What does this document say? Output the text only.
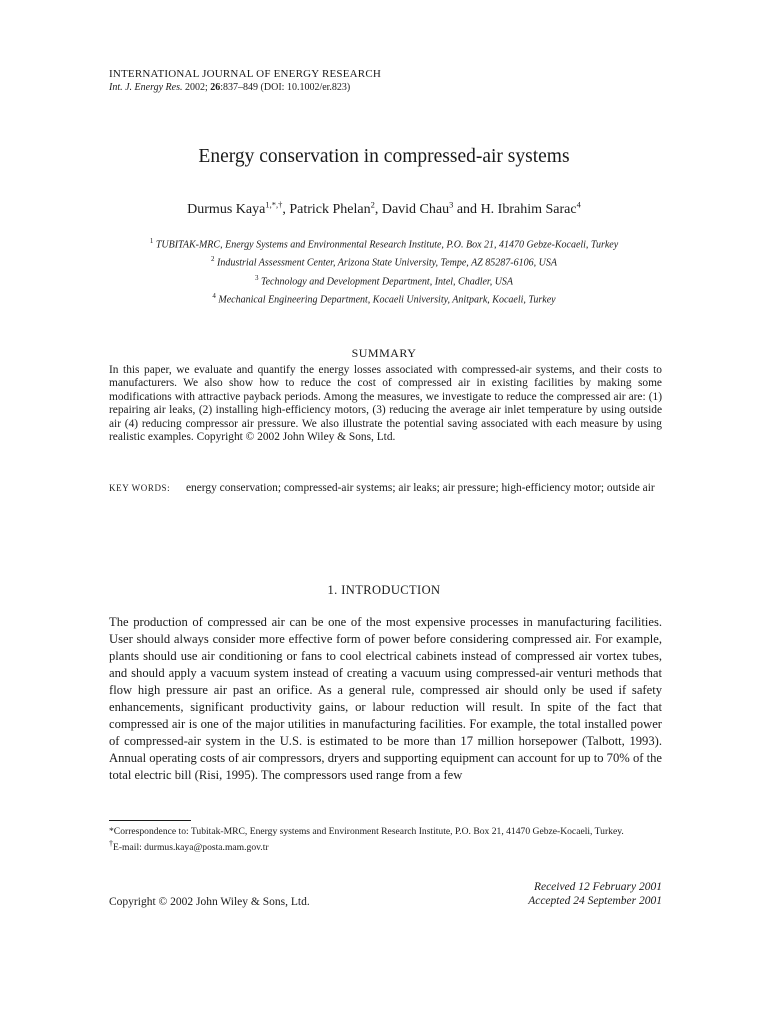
INTERNATIONAL JOURNAL OF ENERGY RESEARCH
Int. J. Energy Res. 2002; 26:837–849 (DOI: 10.1002/er.823)
Energy conservation in compressed-air systems
Durmus Kaya$^{1,*,\dagger}$, Patrick Phelan$^2$, David Chau$^3$ and H. Ibrahim Sarac$^4$
$^1$ TUBITAK-MRC, Energy Systems and Environmental Research Institute, P.O. Box 21, 41470 Gebze-Kocaeli, Turkey
$^2$ Industrial Assessment Center, Arizona State University, Tempe, AZ 85287-6106, USA
$^3$ Technology and Development Department, Intel, Chadler, USA
$^4$ Mechanical Engineering Department, Kocaeli University, Anitpark, Kocaeli, Turkey
SUMMARY
In this paper, we evaluate and quantify the energy losses associated with compressed-air systems, and their costs to manufacturers. We also show how to reduce the cost of compressed air in existing facilities by making some modifications with attractive payback periods. Among the measures, we investigate to reduce the compressed air are: (1) repairing air leaks, (2) installing high-efficiency motors, (3) reducing the average air inlet temperature by using outside air (4) reducing compressor air pressure. We also illustrate the potential saving associated with each measure by using realistic examples. Copyright © 2002 John Wiley & Sons, Ltd.
KEY WORDS: energy conservation; compressed-air systems; air leaks; air pressure; high-efficiency motor; outside air
1. INTRODUCTION
The production of compressed air can be one of the most expensive processes in manufacturing facilities. User should always consider more effective form of power before considering compressed air. For example, plants should use air conditioning or fans to cool electrical cabinets instead of compressed air vortex tubes, and should apply a vacuum system instead of creating a vacuum using compressed-air venturi methods that flow high pressure air past an orifice. As a general rule, compressed air should only be used if safety enhancements, significant productivity gains, or labour reduction will result. In spite of the fact that compressed air is one of the major utilities in manufacturing facilities. For example, the total installed power of compressed-air system in the U.S. is estimated to be more than 17 million horsepower (Talbott, 1993). Annual operating costs of air compressors, dryers and supporting equipment can account for up to 70% of the total electric bill (Risi, 1995). The compressors used range from a few
*Correspondence to: Tubitak-MRC, Energy systems and Environment Research Institute, P.O. Box 21, 41470 Gebze-Kocaeli, Turkey.
†E-mail: durmus.kaya@posta.mam.gov.tr
Received 12 February 2001
Accepted 24 September 2001
Copyright © 2002 John Wiley & Sons, Ltd.
